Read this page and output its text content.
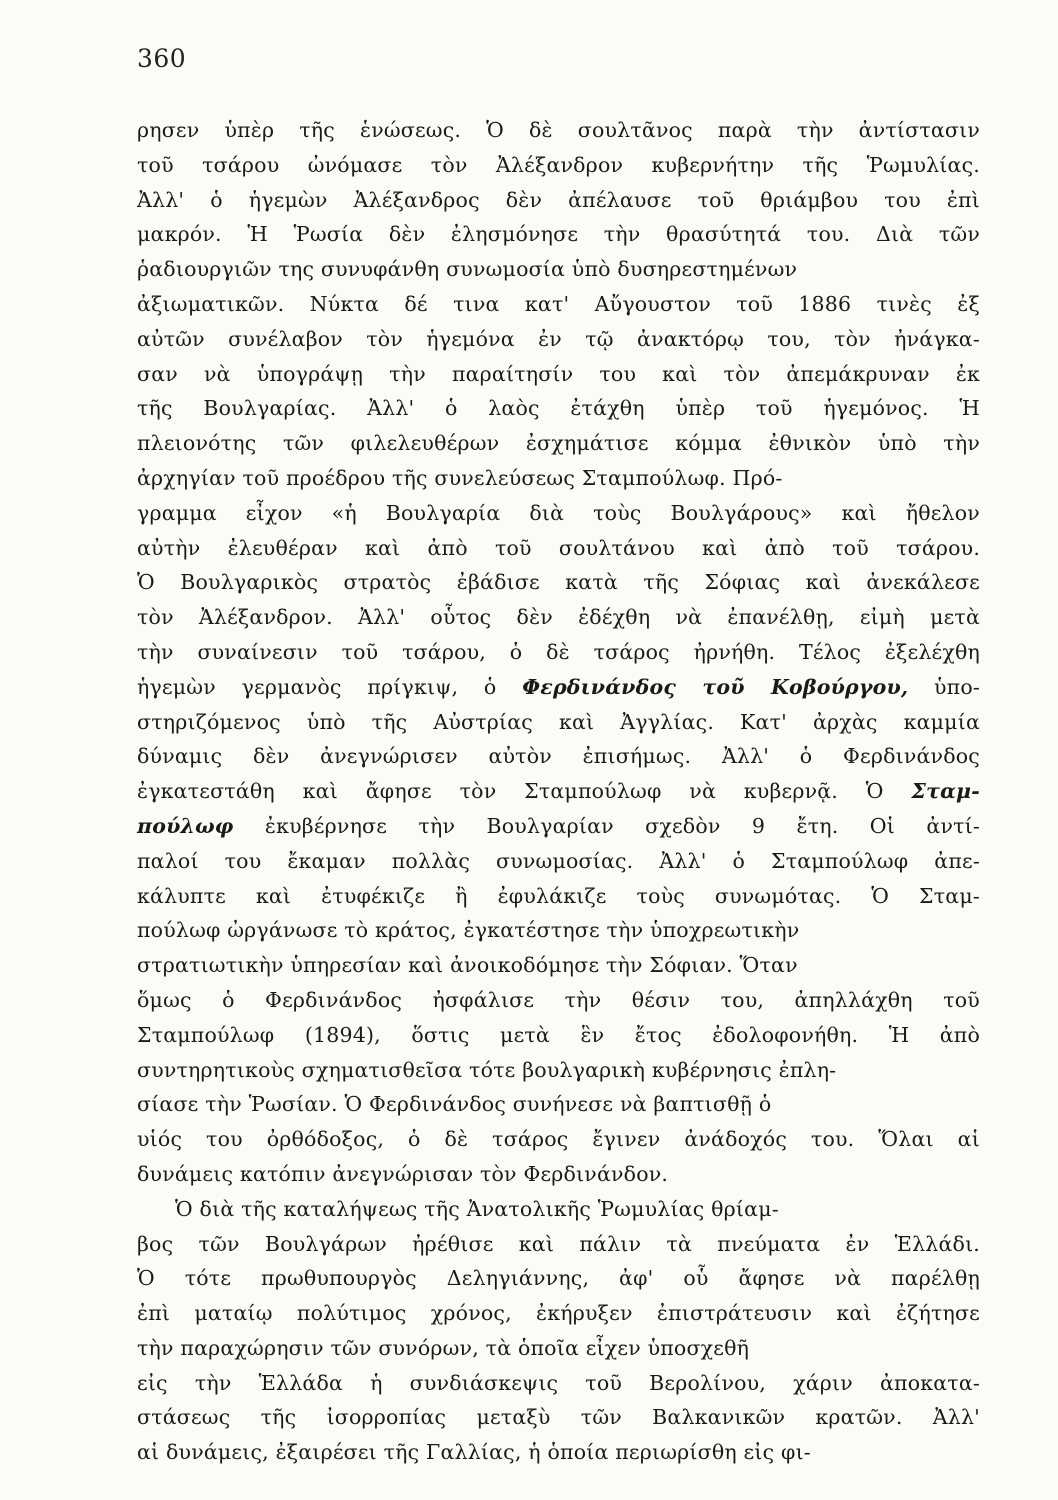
360
ρησεν ὑπὲρ τῆς ἑνώσεως. Ὁ δὲ σουλτᾶνος παρὰ τὴν ἀντίστασιν
τοῦ τσάρου ὠνόμασε τὸν Ἀλέξανδρον κυβερνήτην τῆς Ῥωμυλίας.
Ἀλλ' ὁ ἡγεμὼν Ἀλέξανδρος δὲν ἀπέλαυσε τοῦ θριάμβου του ἐπὶ
μακρόν. Ἡ Ῥωσία δὲν ἐλησμόνησε τὴν θρασύτητά του. Διὰ τῶν
ῥαδιουργιῶν της συνυφάνθη συνωμοσία ὑπὸ δυσηρεστημένων
ἀξιωματικῶν. Νύκτα δέ τινα κατ' Αὔγουστον τοῦ 1886 τινὲς ἐξ
αὐτῶν συνέλαβον τὸν ἡγεμόνα ἐν τῷ ἀνακτόρῳ του, τὸν ἠνάγκα-
σαν νὰ ὑπογράψῃ τὴν παραίτησίν του καὶ τὸν ἀπεμάκρυναν ἐκ
τῆς Βουλγαρίας. Ἀλλ' ὁ λαὸς ἐτάχθη ὑπὲρ τοῦ ἡγεμόνος. Ἡ
πλειονότης τῶν φιλελευθέρων ἐσχημάτισε κόμμα ἐθνικὸν ὑπὸ τὴν
ἀρχηγίαν τοῦ προέδρου τῆς συνελεύσεως Σταμπούλωφ. Πρό-
γραμμα εἶχον «ἡ Βουλγαρία διὰ τοὺς Βουλγάρους» καὶ ἤθελον
αὐτὴν ἐλευθέραν καὶ ἀπὸ τοῦ σουλτάνου καὶ ἀπὸ τοῦ τσάρου.
Ὁ Βουλγαρικὸς στρατὸς ἐβάδισε κατὰ τῆς Σόφιας καὶ ἀνεκάλεσε
τὸν Ἀλέξανδρον. Ἀλλ' οὗτος δὲν ἐδέχθη νὰ ἐπανέλθῃ, εἰμὴ μετὰ
τὴν συναίνεσιν τοῦ τσάρου, ὁ δὲ τσάρος ἠρνήθη. Τέλος ἐξελέχθη
ἡγεμὼν γερμανὸς πρίγκιψ, ὁ Φερδινάνδος τοῦ Κοβούργου, ὑπο-
στηριζόμενος ὑπὸ τῆς Αὐστρίας καὶ Ἀγγλίας. Κατ' ἀρχὰς καμμία
δύναμις δὲν ἀνεγνώρισεν αὐτὸν ἐπισήμως. Ἀλλ' ὁ Φερδινάνδος
ἐγκατεστάθη καὶ ἄφησε τὸν Σταμπούλωφ νὰ κυβερνᾷ. Ὁ Σταμ-
πούλωφ ἐκυβέρνησε τὴν Βουλγαρίαν σχεδὸν 9 ἔτη. Οἱ ἀντί-
παλοί του ἔκαμαν πολλὰς συνωμοσίας. Ἀλλ' ὁ Σταμπούλωφ ἀπε-
κάλυπτε καὶ ἐτυφέκιζε ἢ ἐφυλάκιζε τοὺς συνωμότας. Ὁ Σταμ-
πούλωφ ὠργάνωσε τὸ κράτος, ἐγκατέστησε τὴν ὑποχρεωτικὴν
στρατιωτικὴν ὑπηρεσίαν καὶ ἀνοικοδόμησε τὴν Σόφιαν. Ὅταν
ὅμως ὁ Φερδινάνδος ἠσφάλισε τὴν θέσιν του, ἀπηλλάχθη τοῦ
Σταμπούλωφ (1894), ὅστις μετὰ ἓν ἔτος ἐδολοφονήθη. Ἡ ἀπὸ
συντηρητικοὺς σχηματισθεῖσα τότε βουλγαρικὴ κυβέρνησις ἐπλη-
σίασε τὴν Ῥωσίαν. Ὁ Φερδινάνδος συνήνεσε νὰ βαπτισθῇ ὁ
υἱός του ὀρθόδοξος, ὁ δὲ τσάρος ἔγινεν ἀνάδοχός του. Ὅλαι αἱ
δυνάμεις κατόπιν ἀνεγνώρισαν τὸν Φερδινάνδον.
Ὁ διὰ τῆς καταλήψεως τῆς Ἀνατολικῆς Ῥωμυλίας θρίαμ-
βος τῶν Βουλγάρων ἠρέθισε καὶ πάλιν τὰ πνεύματα ἐν Ἑλλάδι.
Ὁ τότε πρωθυπουργὸς Δεληγιάννης, ἀφ' οὗ ἄφησε νὰ παρέλθῃ
ἐπὶ ματαίῳ πολύτιμος χρόνος, ἐκήρυξεν ἐπιστράτευσιν καὶ ἐζήτησε
τὴν παραχώρησιν τῶν συνόρων, τὰ ὁποῖα εἶχεν ὑποσχεθῆ
εἰς τὴν Ἑλλάδα ἡ συνδιάσκεψις τοῦ Βερολίνου, χάριν ἀποκατα-
στάσεως τῆς ἰσορροπίας μεταξὺ τῶν Βαλκανικῶν κρατῶν. Ἀλλ'
αἱ δυνάμεις, ἐξαιρέσει τῆς Γαλλίας, ἡ ὁποία περιωρίσθη εἰς φι-
